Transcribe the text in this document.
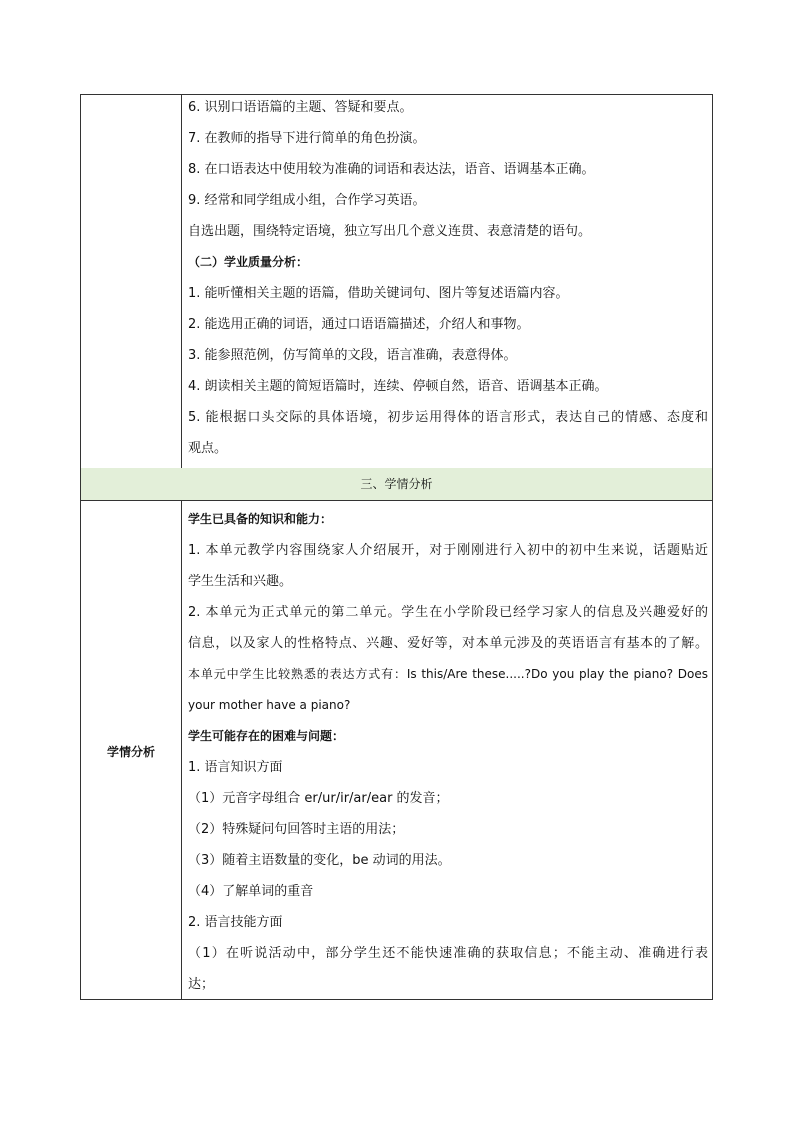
三、学情分析
学情分析
6. 识别口语语篇的主题、答疑和要点。
7. 在教师的指导下进行简单的角色扮演。
8. 在口语表达中使用较为准确的词语和表达法，语音、语调基本正确。
9. 经常和同学组成小组，合作学习英语。
自选出题，围绕特定语境，独立写出几个意义连贯、表意清楚的语句。
（二）学业质量分析：
1. 能听懂相关主题的语篇，借助关键词句、图片等复述语篇内容。
2. 能选用正确的词语，通过口语语篇描述，介绍人和事物。
3. 能参照范例，仿写简单的文段，语言准确，表意得体。
4. 朗读相关主题的简短语篇时，连续、停顿自然，语音、语调基本正确。
5. 能根据口头交际的具体语境，初步运用得体的语言形式，表达自己的情感、态度和
观点。
学生已具备的知识和能力：
1. 本单元教学内容围绕家人介绍展开，对于刚刚进行入初中的初中生来说，话题贴近
学生生活和兴趣。
2. 本单元为正式单元的第二单元。学生在小学阶段已经学习家人的信息及兴趣爱好的
信息，以及家人的性格特点、兴趣、爱好等，对本单元涉及的英语语言有基本的了解。
本单元中学生比较熟悉的表达方式有：Is this/Are these.....?Do you play the piano? Does
your mother have a piano?
学生可能存在的困难与问题：
1. 语言知识方面
（1）元音字母组合 er/ur/ir/ar/ear 的发音；
（2）特殊疑问句回答时主语的用法；
（3）随着主语数量的变化，be 动词的用法。
（4）了解单词的重音
2. 语言技能方面
（1）在听说活动中，部分学生还不能快速准确的获取信息；不能主动、准确进行表
达；
